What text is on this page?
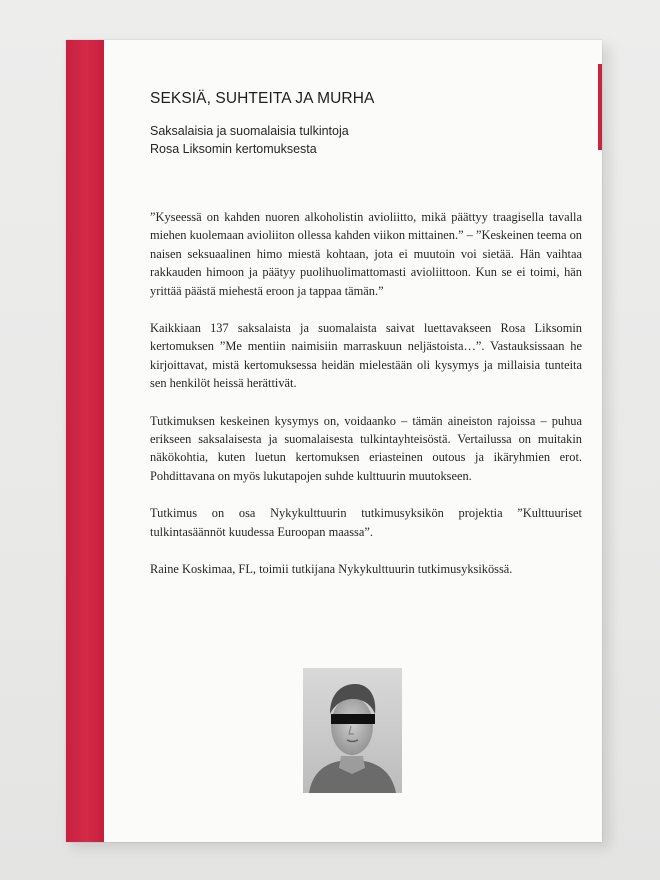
SEKSIÄ, SUHTEITA JA MURHA
Saksalaisia ja suomalaisia tulkintoja
Rosa Liksomin kertomuksesta

”Kyseessä on kahden nuoren alkoholistin avioliitto, mikä päättyy traagisella tavalla miehen kuolemaan avioliiton ollessa kahden viikon mittainen.” – ”Keskeinen teema on naisen seksuaalinen himo miestä kohtaan, jota ei muutoin voi sietää. Hän vaihtaa rakkauden himoon ja päätyy puolihuolimattomasti avioliittoon. Kun se ei toimi, hän yrittää päästä miehestä eroon ja tappaa tämän.”

Kaikkiaan 137 saksalaista ja suomalaista saivat luettavakseen Rosa Liksomin kertomuksen ”Me mentiin naimisiin marraskuun neljästoista…”. Vastauksissaan he kirjoittavat, mistä kertomuksessa heidän mielestään oli kysymys ja millaisia tunteita sen henkilöt heissä herättivät.

Tutkimuksen keskeinen kysymys on, voidaanko – tämän aineiston rajoissa – puhua erikseen saksalaisesta ja suomalaisesta tulkintayhteisöstä. Vertailussa on muitakin näkökohtia, kuten luetun kertomuksen eriasteinen outous ja ikäryhmien erot. Pohdittavana on myös lukutapojen suhde kulttuurin muutokseen.

Tutkimus on osa Nykykulttuurin tutkimusyksikön projektia ”Kulttuuriset tulkintasäännöt kuudessa Euroopan maassa”.

Raine Koskimaa, FL, toimii tutkijana Nykykulttuurin tutkimusyksikössä.
